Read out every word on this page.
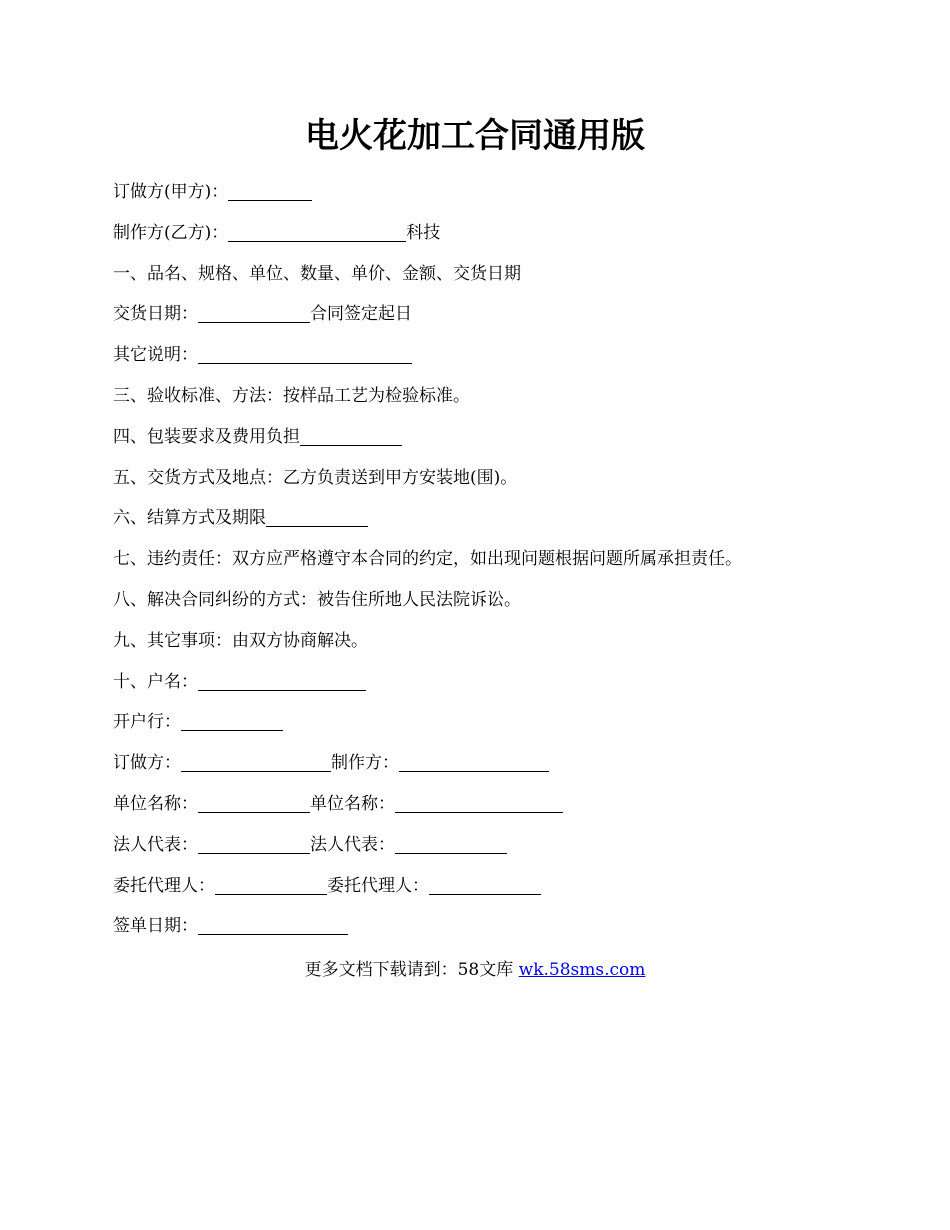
电火花加工合同通用版
订做方(甲方)：
制作方(乙方)：	科技
一、品名、规格、单位、数量、单价、金额、交货日期
交货日期：	合同签定起日
其它说明：
三、验收标准、方法：按样品工艺为检验标准。
四、包装要求及费用负担
五、交货方式及地点：乙方负责送到甲方安装地(围)。
六、结算方式及期限
七、违约责任：双方应严格遵守本合同的约定，如出现问题根据问题所属承担责任。
八、解决合同纠纷的方式：被告住所地人民法院诉讼。
九、其它事项：由双方协商解决。
十、户名：
开户行：
订做方：	制作方：
单位名称：	单位名称：
法人代表：	法人代表：
委托代理人：	委托代理人：
签单日期：
更多文档下载请到：58文库 wk.58sms.com
